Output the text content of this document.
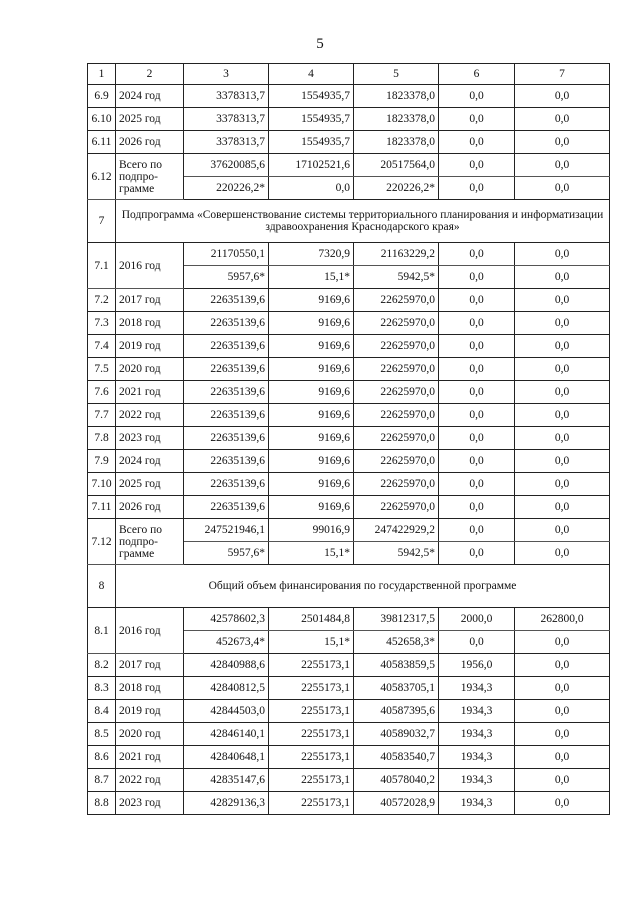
5
1	2	3	4	5	6	7
6.9	2024 год	3378313,7	1554935,7	1823378,0	0,0	0,0
6.10	2025 год	3378313,7	1554935,7	1823378,0	0,0	0,0
6.11	2026 год	3378313,7	1554935,7	1823378,0	0,0	0,0
6.12	Всего по подпро-грамме	37620085,6	17102521,6	20517564,0	0,0	0,0
		220226,2*	0,0	220226,2*	0,0	0,0
7	Подпрограмма «Совершенствование системы территориального планирования и информатизации здравоохранения Краснодарского края»					
7.1	2016 год	21170550,1	7320,9	21163229,2	0,0	0,0
		5957,6*	15,1*	5942,5*	0,0	0,0
7.2	2017 год	22635139,6	9169,6	22625970,0	0,0	0,0
7.3	2018 год	22635139,6	9169,6	22625970,0	0,0	0,0
7.4	2019 год	22635139,6	9169,6	22625970,0	0,0	0,0
7.5	2020 год	22635139,6	9169,6	22625970,0	0,0	0,0
7.6	2021 год	22635139,6	9169,6	22625970,0	0,0	0,0
7.7	2022 год	22635139,6	9169,6	22625970,0	0,0	0,0
7.8	2023 год	22635139,6	9169,6	22625970,0	0,0	0,0
7.9	2024 год	22635139,6	9169,6	22625970,0	0,0	0,0
7.10	2025 год	22635139,6	9169,6	22625970,0	0,0	0,0
7.11	2026 год	22635139,6	9169,6	22625970,0	0,0	0,0
7.12	Всего по подпро-грамме	247521946,1	99016,9	247422929,2	0,0	0,0
		5957,6*	15,1*	5942,5*	0,0	0,0
8	Общий объем финансирования по государственной программе					
8.1	2016 год	42578602,3	2501484,8	39812317,5	2000,0	262800,0
		452673,4*	15,1*	452658,3*	0,0	0,0
8.2	2017 год	42840988,6	2255173,1	40583859,5	1956,0	0,0
8.3	2018 год	42840812,5	2255173,1	40583705,1	1934,3	0,0
8.4	2019 год	42844503,0	2255173,1	40587395,6	1934,3	0,0
8.5	2020 год	42846140,1	2255173,1	40589032,7	1934,3	0,0
8.6	2021 год	42840648,1	2255173,1	40583540,7	1934,3	0,0
8.7	2022 год	42835147,6	2255173,1	40578040,2	1934,3	0,0
8.8	2023 год	42829136,3	2255173,1	40572028,9	1934,3	0,0
